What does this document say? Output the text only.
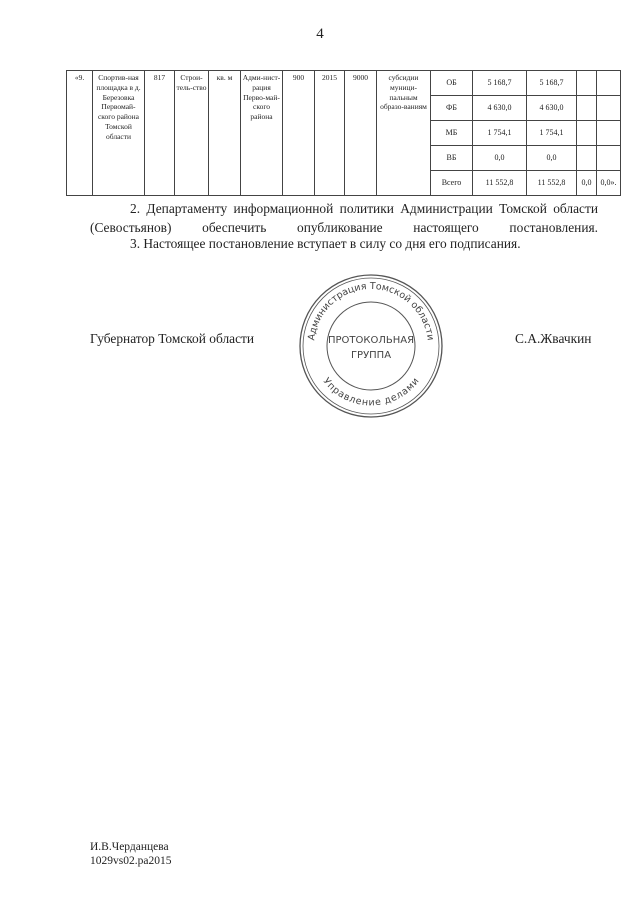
4
«9.	Спортив-ная площадка в д. Березовка Первомай-ского района Томской области	817	Строи-тель-ство	кв. м	Адми-нист-рация Перво-май-ского района	900	2015	9000	субсидии муници-пальным образо-ваниям	ОБ	5 168,7	5 168,7		
										ФБ	4 630,0	4 630,0		
										МБ	1 754,1	1 754,1		
										ВБ	0,0	0,0		
										Всего	11 552,8	11 552,8	0,0	0,0».
2. Департаменту информационной политики Администрации Томской области (Севостьянов) обеспечить опубликование настоящего постановления.
3. Настоящее постановление вступает в силу со дня его подписания.
Губернатор Томской области	С.А.Жвачкин
Администрация Томской области
Управление делами
ПРОТОКОЛЬНАЯ
ГРУППА
И.В.Черданцева
1029vs02.pa2015
